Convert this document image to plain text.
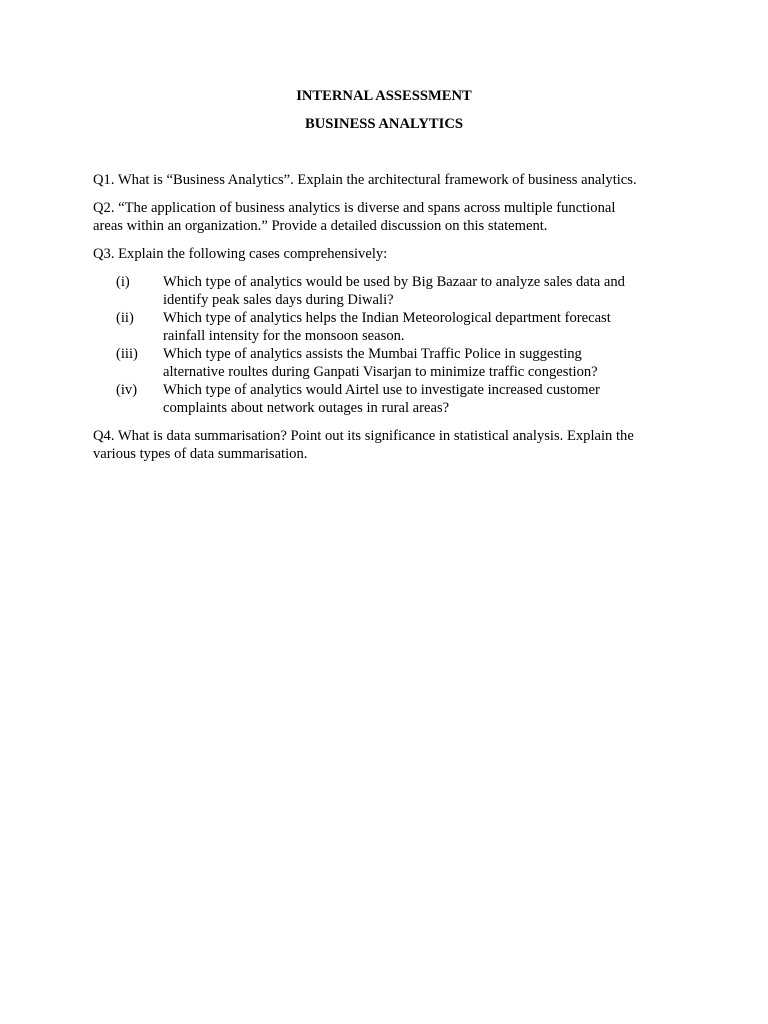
INTERNAL ASSESSMENT

BUSINESS ANALYTICS

Q1. What is “Business Analytics”. Explain the architectural framework of business analytics.

Q2. “The application of business analytics is diverse and spans across multiple functional
areas within an organization.” Provide a detailed discussion on this statement.

Q3. Explain the following cases comprehensively:

(i) Which type of analytics would be used by Big Bazaar to analyze sales data and
identify peak sales days during Diwali?
(ii) Which type of analytics helps the Indian Meteorological department forecast
rainfall intensity for the monsoon season.
(iii) Which type of analytics assists the Mumbai Traffic Police in suggesting
alternative roultes during Ganpati Visarjan to minimize traffic congestion?
(iv) Which type of analytics would Airtel use to investigate increased customer
complaints about network outages in rural areas?

Q4. What is data summarisation? Point out its significance in statistical analysis. Explain the
various types of data summarisation.
